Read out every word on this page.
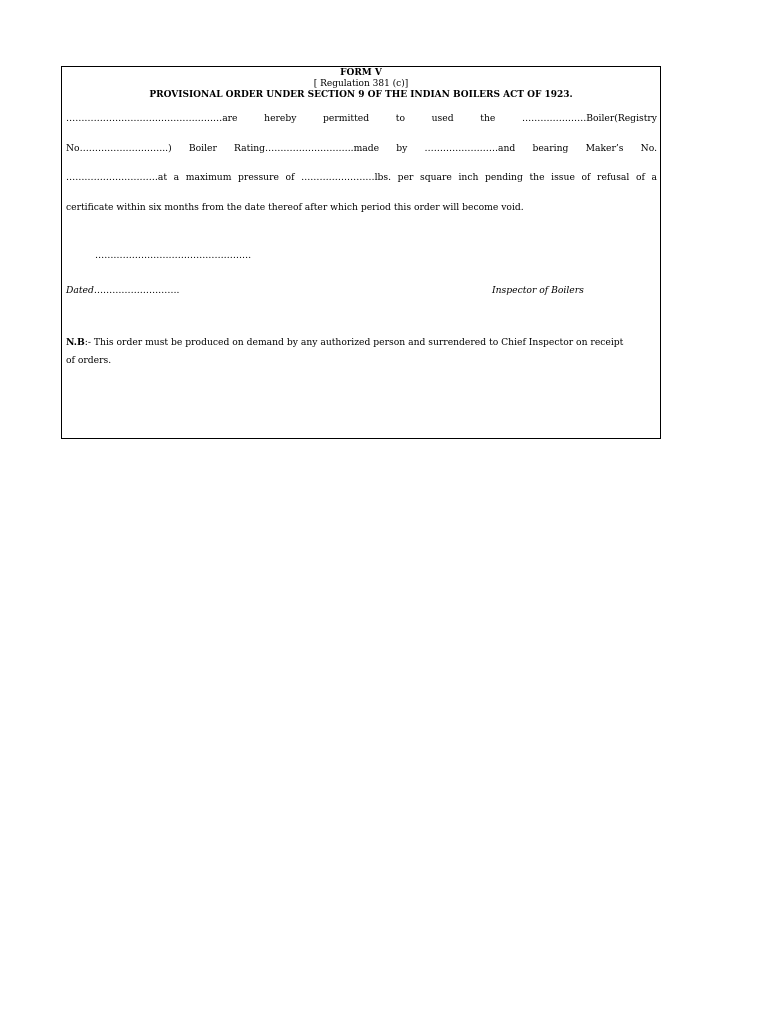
FORM V
[ Regulation 381 (c)]
PROVISIONAL ORDER UNDER SECTION 9 OF THE INDIAN BOILERS ACT OF 1923.
……………………………………………are hereby permitted to used the …………………Boiler(Registry
No………………………..) Boiler Rating………………………..made by ……………………and bearing Maker’s No.
…………………………at a maximum pressure of ……………………lbs. per square inch pending the issue of refusal of a
certificate within six months from the date thereof after which period this order will become void.
……………………………………………
Dated……………………….	Inspector of Boilers
N.B:- This order must be produced on demand by any authorized person and surrendered to Chief Inspector on receipt
of orders.
